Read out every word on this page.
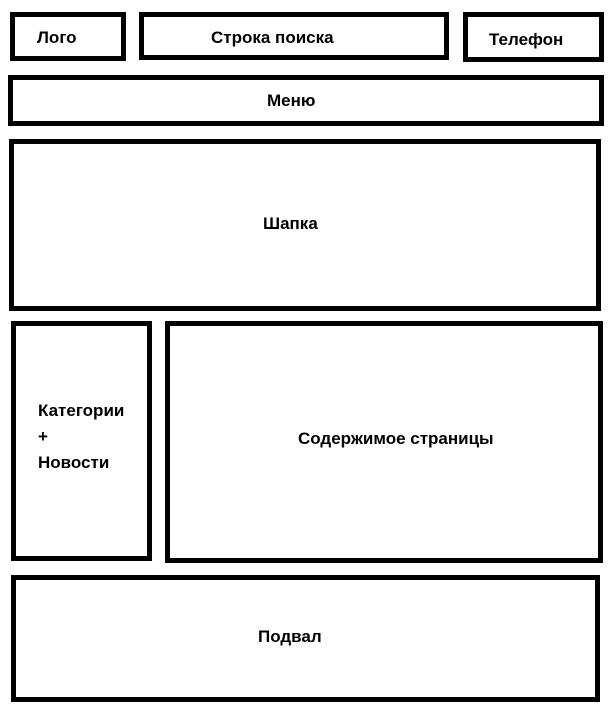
Лого	Строка поиска	Телефон
Меню
Шапка
Категории
+
Новости
Содержимое страницы
Подвал
